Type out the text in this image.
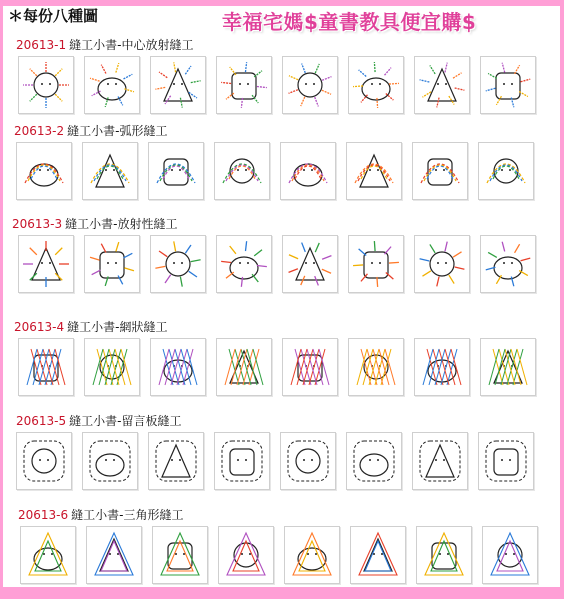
＊每份八種圖	幸福宅媽$童書教具便宜購$
20613-1 縫工小書-中心放射縫工
20613-2 縫工小書-弧形縫工
20613-3 縫工小書-放射性縫工
20613-4 縫工小書-網狀縫工
20613-5 縫工小書-留言板縫工
20613-6 縫工小書-三角形縫工
